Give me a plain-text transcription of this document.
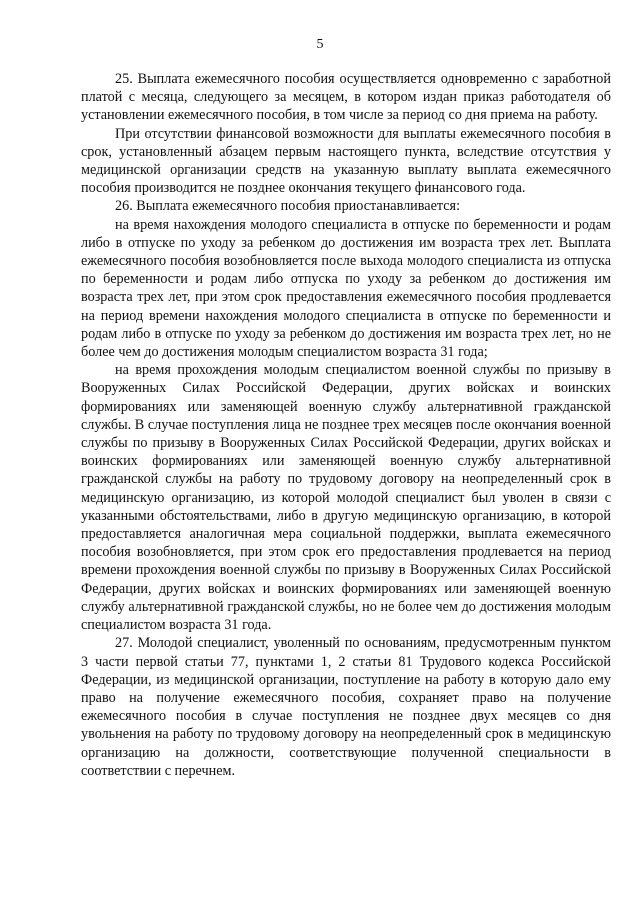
5

25. Выплата ежемесячного пособия осуществляется одновременно с заработной платой с месяца, следующего за месяцем, в котором издан приказ работодателя об установлении ежемесячного пособия, в том числе за период со дня приема на работу.

При отсутствии финансовой возможности для выплаты ежемесячного пособия в срок, установленный абзацем первым настоящего пункта, вследствие отсутствия у медицинской организации средств на указанную выплату выплата ежемесячного пособия производится не позднее окончания текущего финансового года.

26. Выплата ежемесячного пособия приостанавливается:

на время нахождения молодого специалиста в отпуске по беременности и родам либо в отпуске по уходу за ребенком до достижения им возраста трех лет. Выплата ежемесячного пособия возобновляется после выхода молодого специалиста из отпуска по беременности и родам либо отпуска по уходу за ребенком до достижения им возраста трех лет, при этом срок предоставления ежемесячного пособия продлевается на период времени нахождения молодого специалиста в отпуске по беременности и родам либо в отпуске по уходу за ребенком до достижения им возраста трех лет, но не более чем до достижения молодым специалистом возраста 31 года;

на время прохождения молодым специалистом военной службы по призыву в Вооруженных Силах Российской Федерации, других войсках и воинских формированиях или заменяющей военную службу альтернативной гражданской службы. В случае поступления лица не позднее трех месяцев после окончания военной службы по призыву в Вооруженных Силах Российской Федерации, других войсках и воинских формированиях или заменяющей военную службу альтернативной гражданской службы на работу по трудовому договору на неопределенный срок в медицинскую организацию, из которой молодой специалист был уволен в связи с указанными обстоятельствами, либо в другую медицинскую организацию, в которой предоставляется аналогичная мера социальной поддержки, выплата ежемесячного пособия возобновляется, при этом срок его предоставления продлевается на период времени прохождения военной службы по призыву в Вооруженных Силах Российской Федерации, других войсках и воинских формированиях или заменяющей военную службу альтернативной гражданской службы, но не более чем до достижения молодым специалистом возраста 31 года.

27. Молодой специалист, уволенный по основаниям, предусмотренным пунктом 3 части первой статьи 77, пунктами 1, 2 статьи 81 Трудового кодекса Российской Федерации, из медицинской организации, поступление на работу в которую дало ему право на получение ежемесячного пособия, сохраняет право на получение ежемесячного пособия в случае поступления не позднее двух месяцев со дня увольнения на работу по трудовому договору на неопределенный срок в медицинскую организацию на должности, соответствующие полученной специальности в соответствии с перечнем.
